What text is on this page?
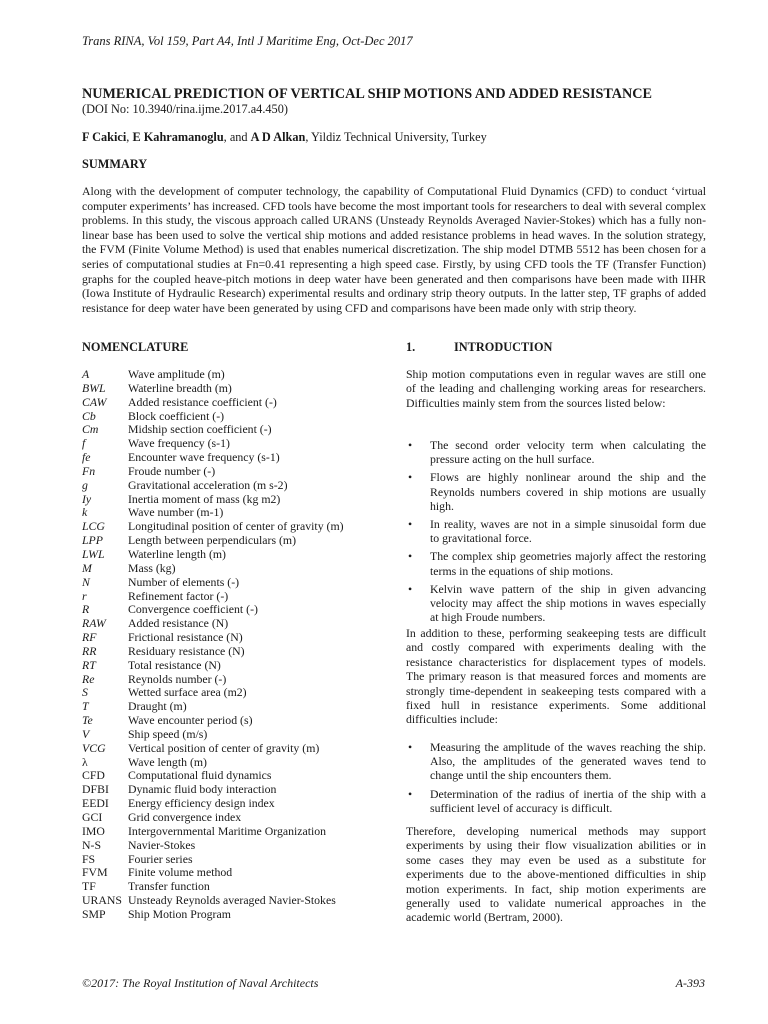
Trans RINA, Vol 159, Part A4, Intl J Maritime Eng, Oct-Dec 2017
NUMERICAL PREDICTION OF VERTICAL SHIP MOTIONS AND ADDED RESISTANCE
(DOI No: 10.3940/rina.ijme.2017.a4.450)
F Cakici, E Kahramanoglu, and A D Alkan, Yildiz Technical University, Turkey
SUMMARY

Along with the development of computer technology, the capability of Computational Fluid Dynamics (CFD) to conduct ‘virtual computer experiments’ has increased. CFD tools have become the most important tools for researchers to deal with several complex problems. In this study, the viscous approach called URANS (Unsteady Reynolds Averaged Navier-Stokes) which has a fully non-linear base has been used to solve the vertical ship motions and added resistance problems in head waves. In the solution strategy, the FVM (Finite Volume Method) is used that enables numerical discretization. The ship model DTMB 5512 has been chosen for a series of computational studies at Fn=0.41 representing a high speed case. Firstly, by using CFD tools the TF (Transfer Function) graphs for the coupled heave-pitch motions in deep water have been generated and then comparisons have been made with IIHR (Iowa Institute of Hydraulic Research) experimental results and ordinary strip theory outputs. In the latter step, TF graphs of added resistance for deep water have been generated by using CFD and comparisons have been made only with strip theory.

NOMENCLATURE
A	Wave amplitude (m)
BWL	Waterline breadth (m)
CAW	Added resistance coefficient (-)
Cb	Block coefficient (-)
Cm	Midship section coefficient (-)
f	Wave frequency (s-1)
fe	Encounter wave frequency (s-1)
Fn	Froude number (-)
g	Gravitational acceleration (m s-2)
Iy	Inertia moment of mass (kg m2)
k	Wave number (m-1)
LCG	Longitudinal position of center of gravity (m)
LPP	Length between perpendiculars (m)
LWL	Waterline length (m)
M	Mass (kg)
N	Number of elements (-)
r	Refinement factor (-)
R	Convergence coefficient (-)
RAW	Added resistance (N)
RF	Frictional resistance (N)
RR	Residuary resistance (N)
RT	Total resistance (N)
Re	Reynolds number (-)
S	Wetted surface area (m2)
T	Draught (m)
Te	Wave encounter period (s)
V	Ship speed (m/s)
VCG	Vertical position of center of gravity (m)
λ	Wave length (m)
CFD	Computational fluid dynamics
DFBI	Dynamic fluid body interaction
EEDI	Energy efficiency design index
GCI	Grid convergence index
IMO	Intergovernmental Maritime Organization
N-S	Navier-Stokes
FS	Fourier series
FVM	Finite volume method
TF	Transfer function
URANS Unsteady Reynolds averaged Navier-Stokes
SMP	Ship Motion Program
1.	INTRODUCTION

Ship motion computations even in regular waves are still one of the leading and challenging working areas for researchers. Difficulties mainly stem from the sources listed below:

• The second order velocity term when calculating the pressure acting on the hull surface.
• Flows are highly nonlinear around the ship and the Reynolds numbers covered in ship motions are usually high.
• In reality, waves are not in a simple sinusoidal form due to gravitational force.
• The complex ship geometries majorly affect the restoring terms in the equations of ship motions.
• Kelvin wave pattern of the ship in given advancing velocity may affect the ship motions in waves especially at high Froude numbers.

In addition to these, performing seakeeping tests are difficult and costly compared with experiments dealing with the resistance characteristics for displacement types of models. The primary reason is that measured forces and moments are strongly time-dependent in seakeeping tests compared with a fixed hull in resistance experiments. Some additional difficulties include:

• Measuring the amplitude of the waves reaching the ship. Also, the amplitudes of the generated waves tend to change until the ship encounters them.
• Determination of the radius of inertia of the ship with a sufficient level of accuracy is difficult.

Therefore, developing numerical methods may support experiments by using their flow visualization abilities or in some cases they may even be used as a substitute for experiments due to the above-mentioned difficulties in ship motion experiments. In fact, ship motion experiments are generally used to validate numerical approaches in the academic world (Bertram, 2000).

©2017: The Royal Institution of Naval Architects	A-393
